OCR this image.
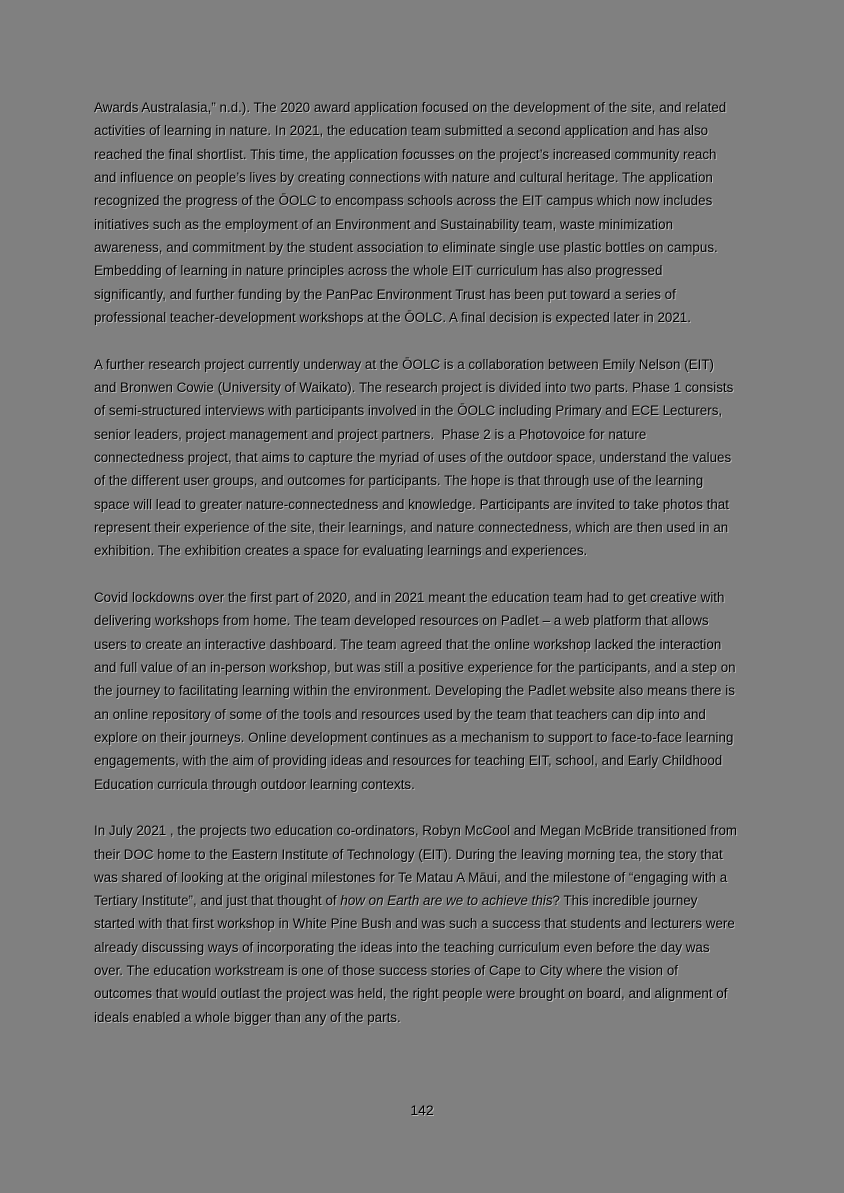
Awards Australasia,” n.d.). The 2020 award application focused on the development of the site, and related
activities of learning in nature. In 2021, the education team submitted a second application and has also
reached the final shortlist. This time, the application focusses on the project’s increased community reach
and influence on people’s lives by creating connections with nature and cultural heritage. The application
recognized the progress of the ŌOLC to encompass schools across the EIT campus which now includes
initiatives such as the employment of an Environment and Sustainability team, waste minimization
awareness, and commitment by the student association to eliminate single use plastic bottles on campus.
Embedding of learning in nature principles across the whole EIT curriculum has also progressed
significantly, and further funding by the PanPac Environment Trust has been put toward a series of
professional teacher-development workshops at the ŌOLC. A final decision is expected later in 2021.
A further research project currently underway at the ŌOLC is a collaboration between Emily Nelson (EIT)
and Bronwen Cowie (University of Waikato). The research project is divided into two parts. Phase 1 consists
of semi-structured interviews with participants involved in the ŌOLC including Primary and ECE Lecturers,
senior leaders, project management and project partners.  Phase 2 is a Photovoice for nature
connectedness project, that aims to capture the myriad of uses of the outdoor space, understand the values
of the different user groups, and outcomes for participants. The hope is that through use of the learning
space will lead to greater nature-connectedness and knowledge. Participants are invited to take photos that
represent their experience of the site, their learnings, and nature connectedness, which are then used in an
exhibition. The exhibition creates a space for evaluating learnings and experiences.
Covid lockdowns over the first part of 2020, and in 2021 meant the education team had to get creative with
delivering workshops from home. The team developed resources on Padlet – a web platform that allows
users to create an interactive dashboard. The team agreed that the online workshop lacked the interaction
and full value of an in-person workshop, but was still a positive experience for the participants, and a step on
the journey to facilitating learning within the environment. Developing the Padlet website also means there is
an online repository of some of the tools and resources used by the team that teachers can dip into and
explore on their journeys. Online development continues as a mechanism to support to face-to-face learning
engagements, with the aim of providing ideas and resources for teaching EIT, school, and Early Childhood
Education curricula through outdoor learning contexts.
In July 2021 , the projects two education co-ordinators, Robyn McCool and Megan McBride transitioned from
their DOC home to the Eastern Institute of Technology (EIT). During the leaving morning tea, the story that
was shared of looking at the original milestones for Te Matau A Māui, and the milestone of “engaging with a
Tertiary Institute”, and just that thought of how on Earth are we to achieve this? This incredible journey
started with that first workshop in White Pine Bush and was such a success that students and lecturers were
already discussing ways of incorporating the ideas into the teaching curriculum even before the day was
over. The education workstream is one of those success stories of Cape to City where the vision of
outcomes that would outlast the project was held, the right people were brought on board, and alignment of
ideals enabled a whole bigger than any of the parts.
142
